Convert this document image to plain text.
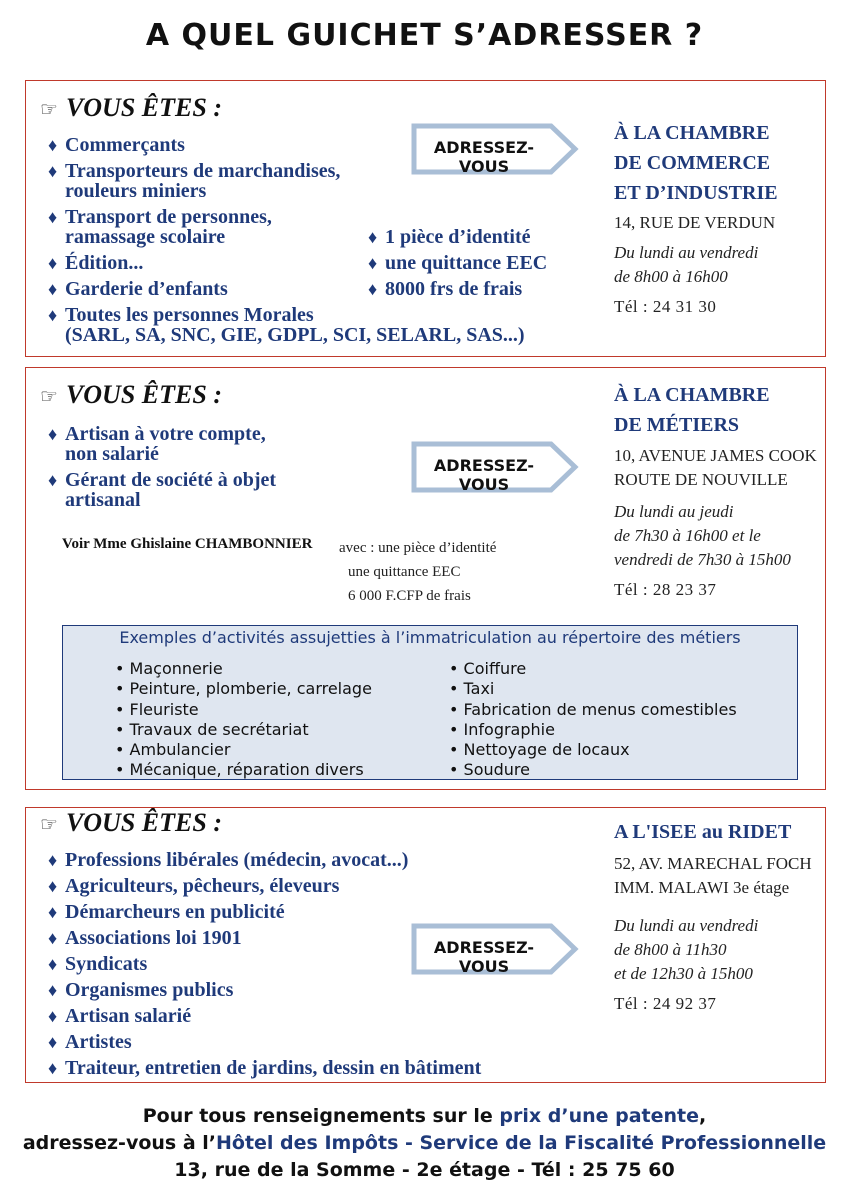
A QUEL GUICHET S’ADRESSER ?
☞ VOUS ÊTES :
♦ Commerçants
♦ Transporteurs de marchandises,
rouleurs miniers
♦ Transport de personnes,
ramassage scolaire
♦ Édition...
♦ Garderie d’enfants
♦ Toutes les personnes Morales
(SARL, SA, SNC, GIE, GDPL, SCI, SELARL, SAS...)
ADRESSEZ-VOUS
♦ 1 pièce d’identité
♦ une quittance EEC
♦ 8000 frs de frais

À LA CHAMBRE
DE COMMERCE
ET D’INDUSTRIE

14, RUE DE VERDUN

Du lundi au vendredi
de 8h00 à 16h00

Tél : 24 31 30

☞ VOUS ÊTES :
♦ Artisan à votre compte,
non salarié
♦ Gérant de société à objet
artisanal
ADRESSEZ-VOUS
Voir Mme Ghislaine CHAMBONNIER avec : une pièce d’identité
une quittance EEC
6 000 F.CFP de frais

À LA CHAMBRE
DE MÉTIERS

10, AVENUE JAMES COOK
ROUTE DE NOUVILLE

Du lundi au jeudi
de 7h30 à 16h00 et le
vendredi de 7h30 à 15h00

Tél : 28 23 37

Exemples d’activités assujetties à l’immatriculation au répertoire des métiers
• Maçonnerie
• Peinture, plomberie, carrelage
• Fleuriste
• Travaux de secrétariat
• Ambulancier
• Mécanique, réparation divers
• Coiffure
• Taxi
• Fabrication de menus comestibles
• Infographie
• Nettoyage de locaux
• Soudure
☞ VOUS ÊTES :
♦ Professions libérales (médecin, avocat...)
♦ Agriculteurs, pêcheurs, éleveurs
♦ Démarcheurs en publicité
♦ Associations loi 1901
♦ Syndicats
♦ Organismes publics
♦ Artisan salarié
♦ Artistes
♦ Traiteur, entretien de jardins, dessin en bâtiment
ADRESSEZ-VOUS

A L'ISEE au RIDET

52, AV. MARECHAL FOCH
IMM. MALAWI 3e étage

Du lundi au vendredi
de 8h00 à 11h30
et de 12h30 à 15h00

Tél : 24 92 37

Pour tous renseignements sur le prix d’une patente,
adressez-vous à l’Hôtel des Impôts - Service de la Fiscalité Professionnelle
13, rue de la Somme - 2e étage - Tél : 25 75 60
